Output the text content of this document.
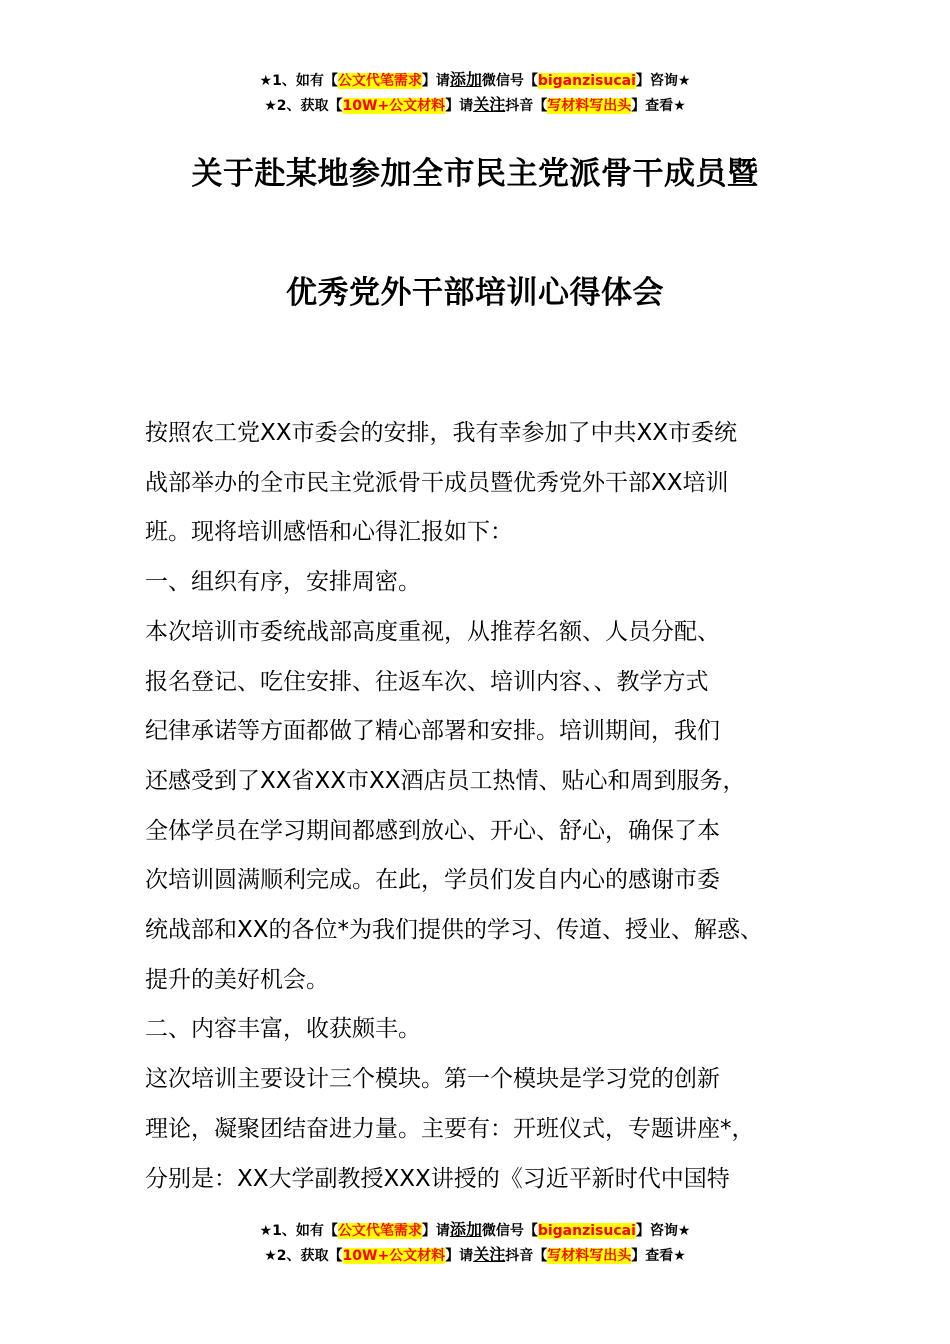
★1、如有【公文代笔需求】请添加微信号【biganzisucai】咨询★
★2、获取【10W+公文材料】请关注抖音【写材料写出头】查看★
关于赴某地参加全市民主党派骨干成员暨
优秀党外干部培训心得体会

按照农工党XX市委会的安排，我有幸参加了中共XX市委统

战部举办的全市民主党派骨干成员暨优秀党外干部XX培训

班。现将培训感悟和心得汇报如下：

一、组织有序，安排周密。

本次培训市委统战部高度重视，从推荐名额、人员分配、

报名登记、吃住安排、往返车次、培训内容、、教学方式

纪律承诺等方面都做了精心部署和安排。培训期间，我们

还感受到了XX省XX市XX酒店员工热情、贴心和周到服务，

全体学员在学习期间都感到放心、开心、舒心，确保了本

次培训圆满顺利完成。在此，学员们发自内心的感谢市委

统战部和XX的各位*为我们提供的学习、传道、授业、解惑、

提升的美好机会。

二、内容丰富，收获颇丰。

这次培训主要设计三个模块。第一个模块是学习党的创新

理论，凝聚团结奋进力量。主要有：开班仪式，专题讲座*，

分别是：XX大学副教授XXX讲授的《习近平新时代中国特

★1、如有【公文代笔需求】请添加微信号【biganzisucai】咨询★
★2、获取【10W+公文材料】请关注抖音【写材料写出头】查看★
